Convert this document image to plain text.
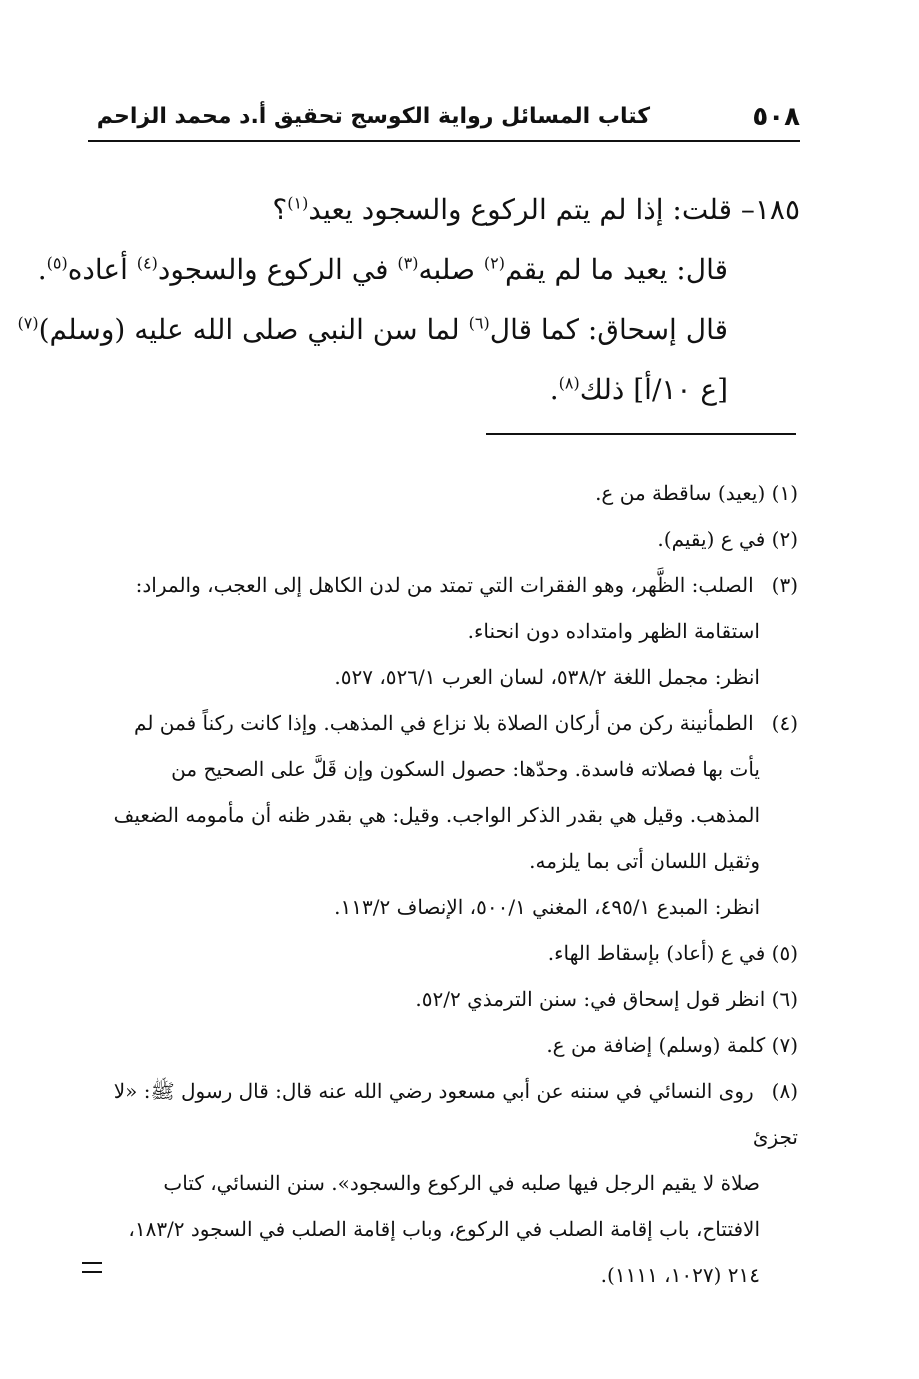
٥٠٨
كتاب المسائل رواية الكوسج تحقيق أ.د محمد الزاحم

١٨٥– قلت: إذا لم يتم الركوع والسجود يعيد$^{(١)}$؟

قال: يعيد ما لم يقم$^{(٢)}$ صلبه$^{(٣)}$ في الركوع والسجود$^{(٤)}$ أعاده$^{(٥)}$.

قال إسحاق: كما قال$^{(٦)}$ لما سن النبي صلى الله عليه (وسلم)$^{(٧)}$

[ع ١٠/أ] ذلك$^{(٨)}$.

(١) (يعيد) ساقطة من ع.

(٢) في ع (يقيم).

(٣) الصلب: الظَّهر، وهو الفقرات التي تمتد من لدن الكاهل إلى العجب، والمراد:
استقامة الظهر وامتداده دون انحناء.
انظر: مجمل اللغة ٥٣٨/٢، لسان العرب ٥٢٦/١، ٥٢٧.
(٤) الطمأنينة ركن من أركان الصلاة بلا نزاع في المذهب. وإذا كانت ركناً فمن لم
يأت بها فصلاته فاسدة. وحدّها: حصول السكون وإن قَلَّ على الصحيح من
المذهب. وقيل هي بقدر الذكر الواجب. وقيل: هي بقدر ظنه أن مأمومه الضعيف
وثقيل اللسان أتى بما يلزمه.
انظر: المبدع ٤٩٥/١، المغني ٥٠٠/١، الإنصاف ١١٣/٢.

(٥) في ع (أعاد) بإسقاط الهاء.

(٦) انظر قول إسحاق في: سنن الترمذي ٥٢/٢.

(٧) كلمة (وسلم) إضافة من ع.

(٨) روى النسائي في سننه عن أبي مسعود رضي الله عنه قال: قال رسول ﷺ: «لا تجزئ
صلاة لا يقيم الرجل فيها صلبه في الركوع والسجود». سنن النسائي، كتاب
الافتتاح، باب إقامة الصلب في الركوع، وباب إقامة الصلب في السجود ١٨٣/٢،
٢١٤ (١٠٢٧، ١١١١).
